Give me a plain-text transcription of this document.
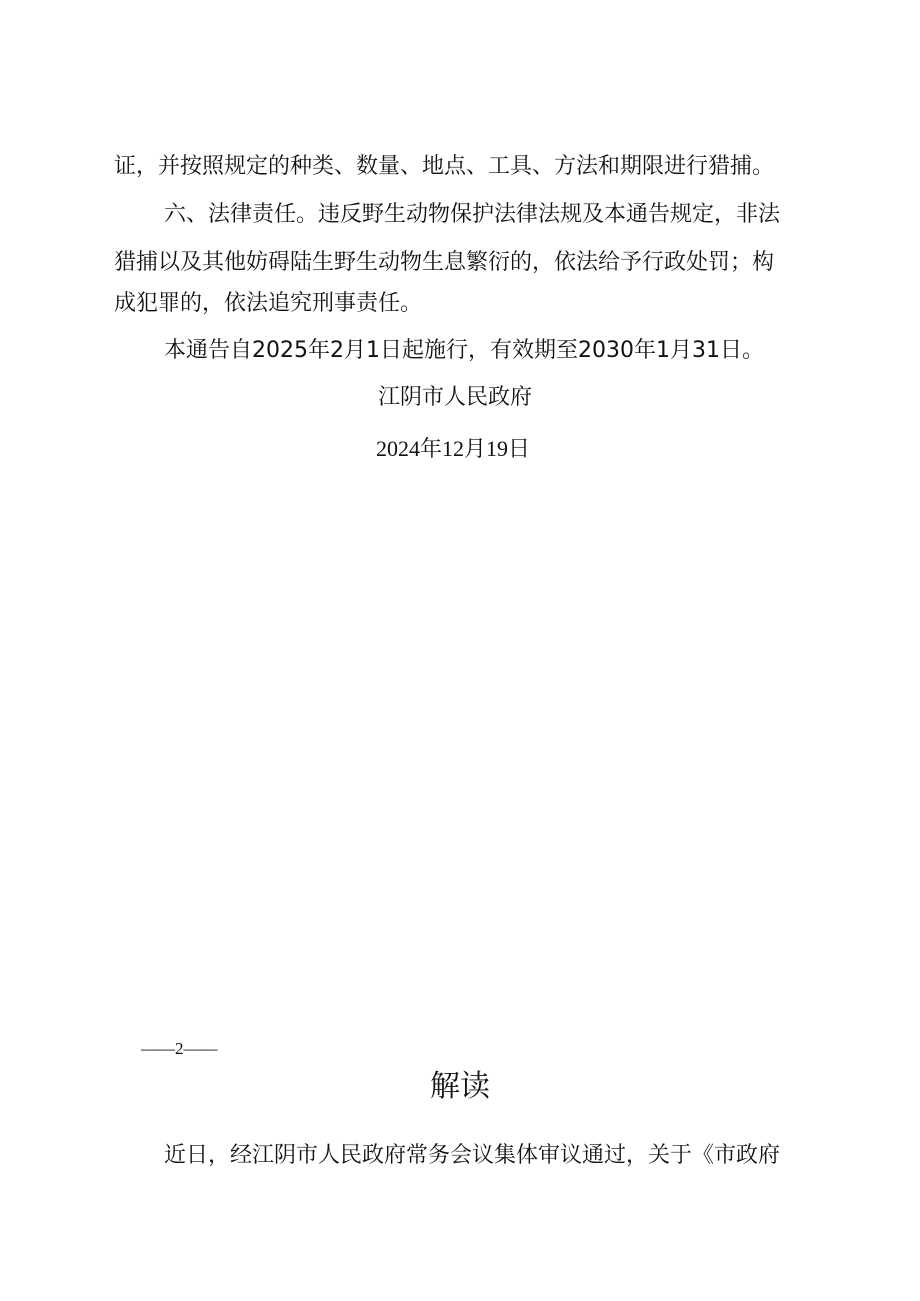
证，并按照规定的种类、数量、地点、工具、方法和期限进行猎捕。
六、法律责任。违反野生动物保护法律法规及本通告规定，非法
猎捕以及其他妨碍陆生野生动物生息繁衍的，依法给予行政处罚；构
成犯罪的，依法追究刑事责任。
本通告自2025年2月1日起施行，有效期至2030年1月31日。
江阴市人民政府
2024年12月19日
——2——
解读
近日，经江阴市人民政府常务会议集体审议通过，关于《市政府
